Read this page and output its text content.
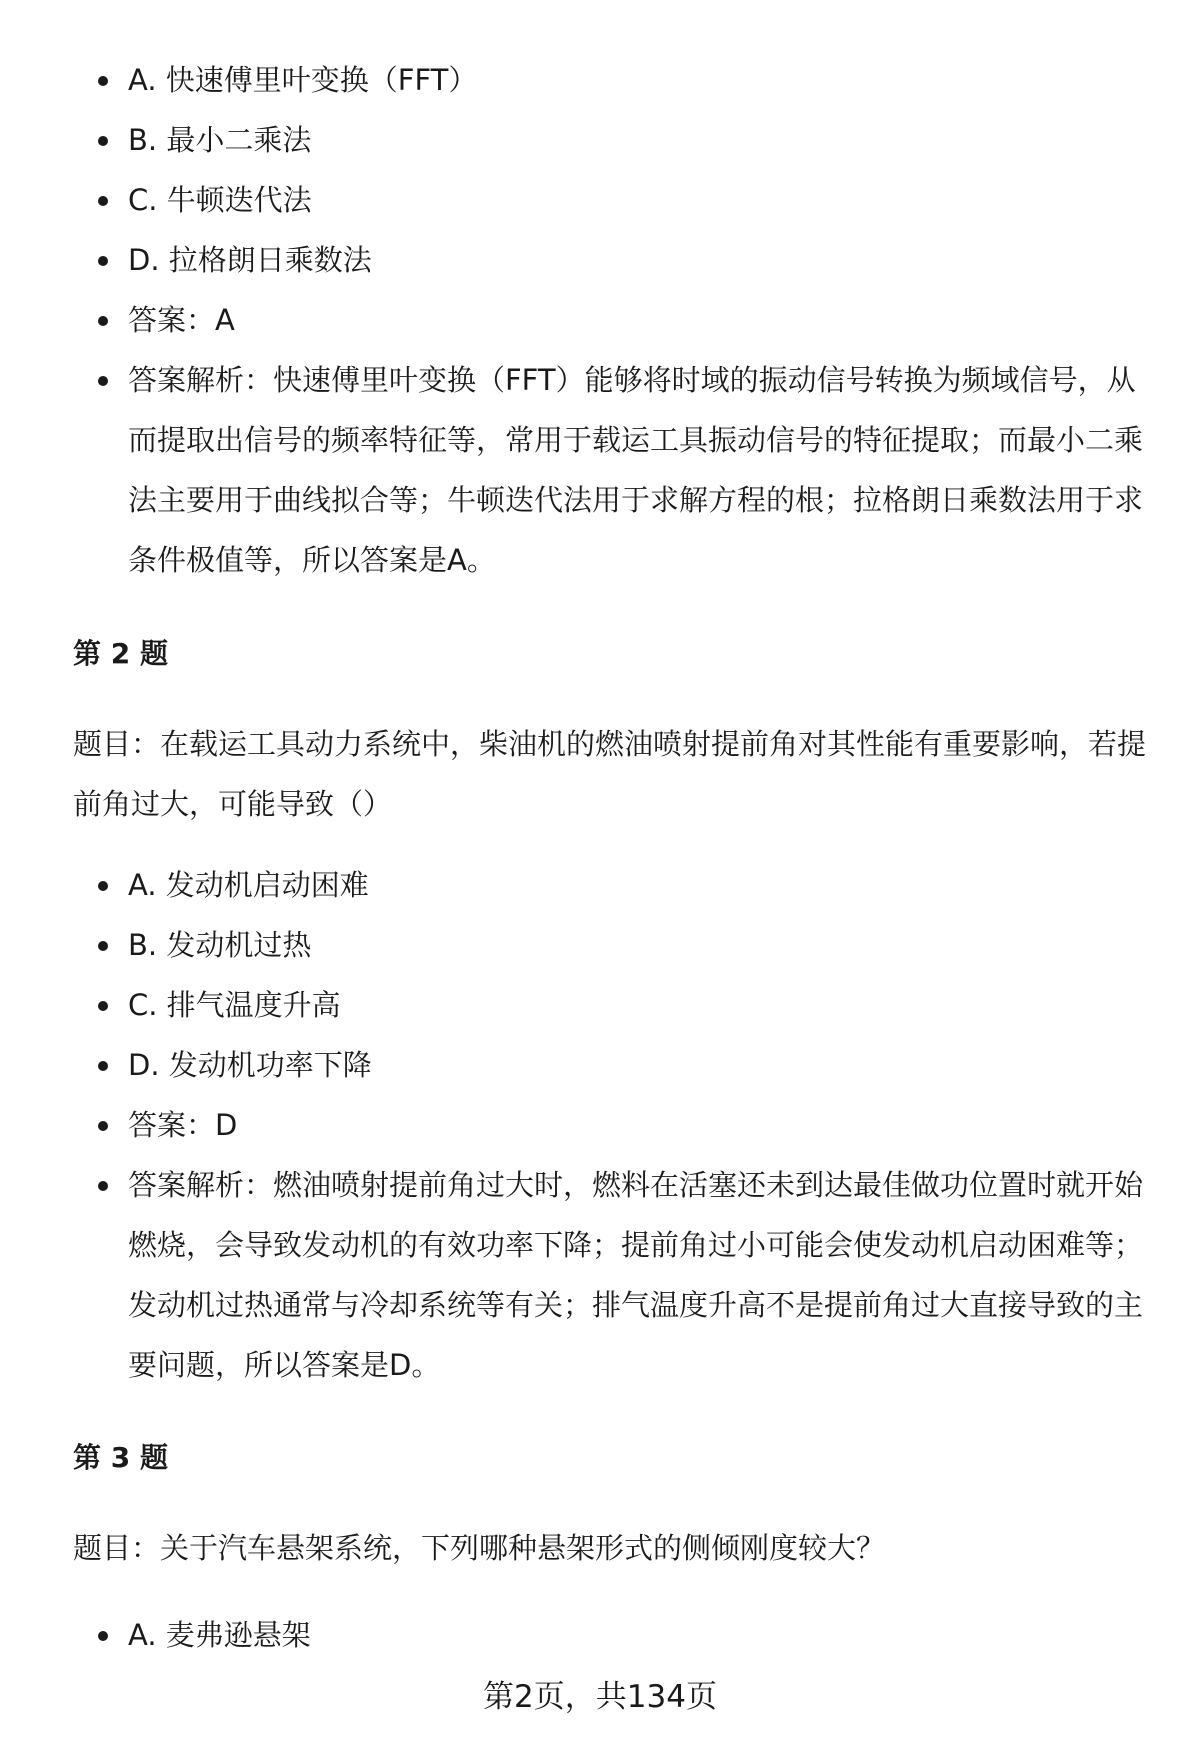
A. 快速傅里叶变换（FFT）
B. 最小二乘法
C. 牛顿迭代法
D. 拉格朗日乘数法
答案：A
答案解析：快速傅里叶变换（FFT）能够将时域的振动信号转换为频域信号，从而提取出信号的频率特征等，常用于载运工具振动信号的特征提取；而最小二乘法主要用于曲线拟合等；牛顿迭代法用于求解方程的根；拉格朗日乘数法用于求条件极值等，所以答案是A。
第 2 题
题目：在载运工具动力系统中，柴油机的燃油喷射提前角对其性能有重要影响，若提前角过大，可能导致（）
A. 发动机启动困难
B. 发动机过热
C. 排气温度升高
D. 发动机功率下降
答案：D
答案解析：燃油喷射提前角过大时，燃料在活塞还未到达最佳做功位置时就开始燃烧，会导致发动机的有效功率下降；提前角过小可能会使发动机启动困难等；发动机过热通常与冷却系统等有关；排气温度升高不是提前角过大直接导致的主要问题，所以答案是D。
第 3 题
题目：关于汽车悬架系统，下列哪种悬架形式的侧倾刚度较大？
A. 麦弗逊悬架
第2页，共134页
